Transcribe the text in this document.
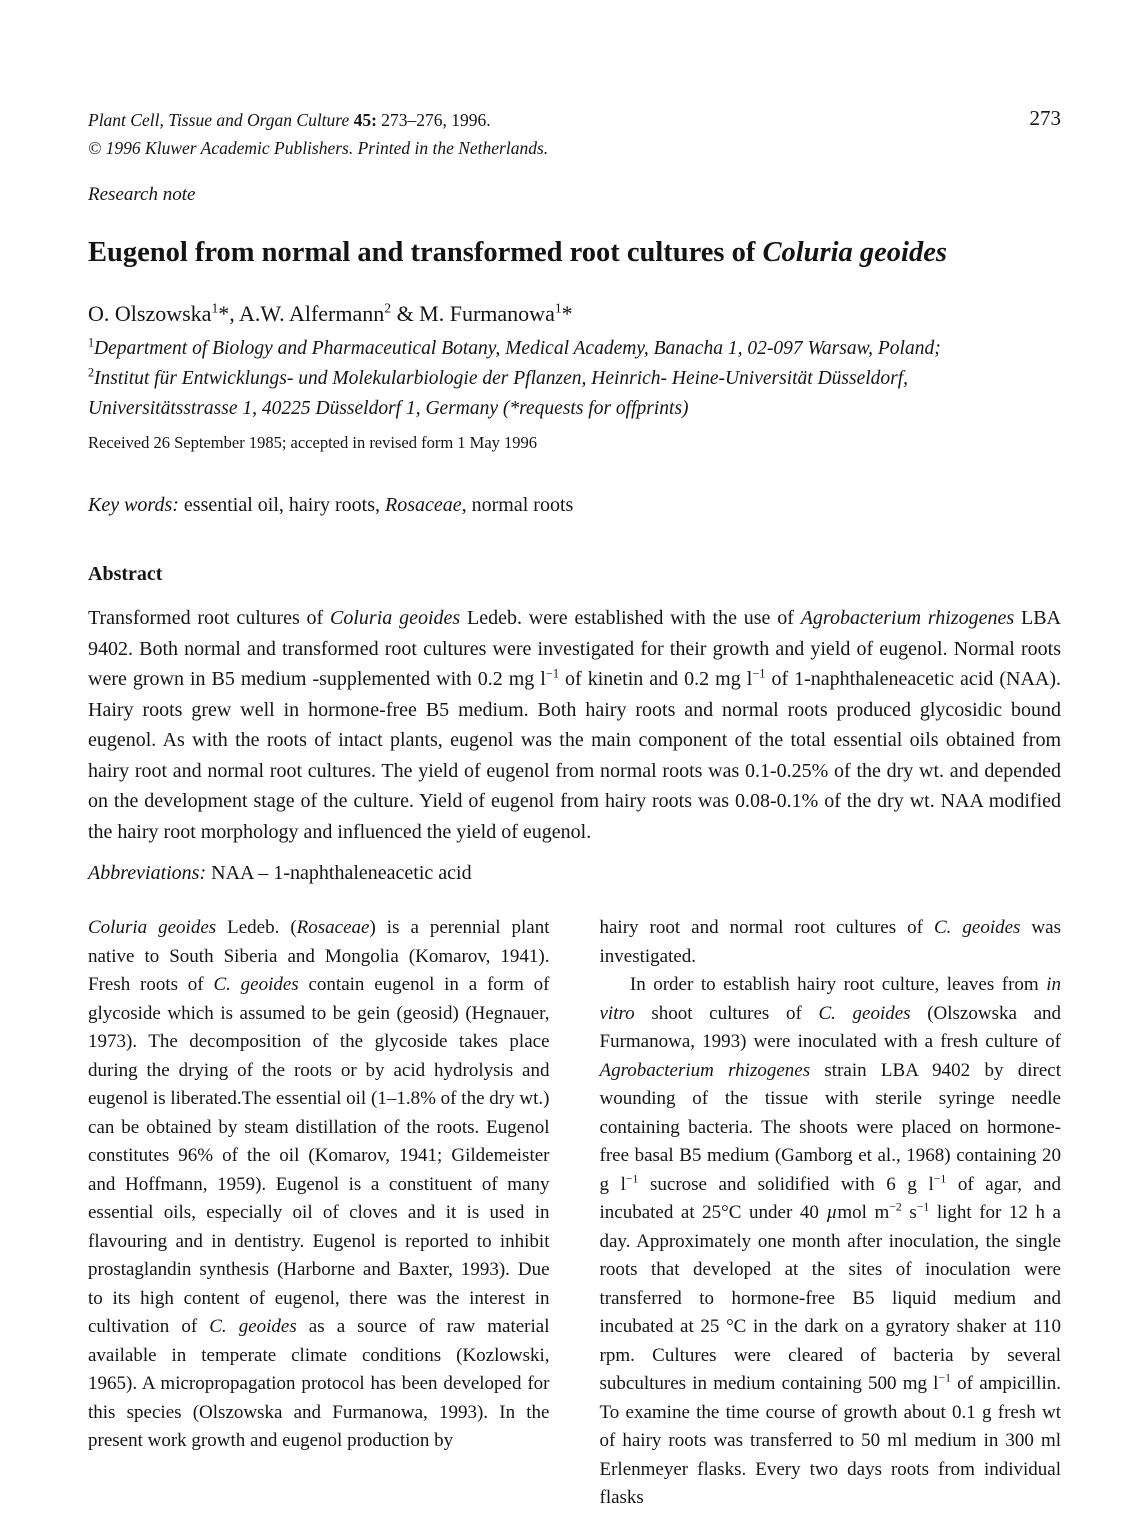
Plant Cell, Tissue and Organ Culture 45: 273–276, 1996.	273
© 1996 Kluwer Academic Publishers. Printed in the Netherlands.
Research note
Eugenol from normal and transformed root cultures of Coluria geoides
O. Olszowska$^1$*, A.W. Alfermann$^2$ & M. Furmanowa$^1$*
$^1$Department of Biology and Pharmaceutical Botany, Medical Academy, Banacha 1, 02-097 Warsaw, Poland;
$^2$Institut für Entwicklungs- und Molekularbiologie der Pflanzen, Heinrich- Heine-Universität Düsseldorf, Universitätsstrasse 1, 40225 Düsseldorf 1, Germany (*requests for offprints)
Received 26 September 1985; accepted in revised form 1 May 1996
Key words: essential oil, hairy roots, Rosaceae, normal roots
Abstract

Transformed root cultures of Coluria geoides Ledeb. were established with the use of Agrobacterium rhizogenes LBA 9402. Both normal and transformed root cultures were investigated for their growth and yield of eugenol. Normal roots were grown in B5 medium -supplemented with 0.2 mg $l^{-1}$ of kinetin and 0.2 mg $l^{-1}$ of 1-naphthaleneacetic acid (NAA). Hairy roots grew well in hormone-free B5 medium. Both hairy roots and normal roots produced glycosidic bound eugenol. As with the roots of intact plants, eugenol was the main component of the total essential oils obtained from hairy root and normal root cultures. The yield of eugenol from normal roots was 0.1-0.25% of the dry wt. and depended on the development stage of the culture. Yield of eugenol from hairy roots was 0.08-0.1% of the dry wt. NAA modified the hairy root morphology and influenced the yield of eugenol.

Abbreviations: NAA – 1-naphthaleneacetic acid

Coluria geoides Ledeb. (Rosaceae) is a perennial plant native to South Siberia and Mongolia (Komarov, 1941). Fresh roots of C. geoides contain eugenol in a form of glycoside which is assumed to be gein (geosid) (Hegnauer, 1973). The decomposition of the glycoside takes place during the drying of the roots or by acid hydrolysis and eugenol is liberated.The essential oil (1–1.8% of the dry wt.) can be obtained by steam distillation of the roots. Eugenol constitutes 96% of the oil (Komarov, 1941; Gildemeister and Hoffmann, 1959). Eugenol is a constituent of many essential oils, especially oil of cloves and it is used in flavouring and in dentistry. Eugenol is reported to inhibit prostaglandin synthesis (Harborne and Baxter, 1993). Due to its high content of eugenol, there was the interest in cultivation of C. geoides as a source of raw material available in temperate climate conditions (Kozlowski, 1965). A micropropagation protocol has been developed for this species (Olszowska and Furmanowa, 1993). In the present work growth and eugenol production by

hairy root and normal root cultures of C. geoides was investigated.

In order to establish hairy root culture, leaves from in vitro shoot cultures of C. geoides (Olszowska and Furmanowa, 1993) were inoculated with a fresh culture of Agrobacterium rhizogenes strain LBA 9402 by direct wounding of the tissue with sterile syringe needle containing bacteria. The shoots were placed on hormone-free basal B5 medium (Gamborg et al., 1968) containing 20 g $l^{-1}$ sucrose and solidified with 6 g $l^{-1}$ of agar, and incubated at 25°C under 40 µmol $m^{-2}$ $s^{-1}$ light for 12 h a day. Approximately one month after inoculation, the single roots that developed at the sites of inoculation were transferred to hormone-free B5 liquid medium and incubated at 25 °C in the dark on a gyratory shaker at 110 rpm. Cultures were cleared of bacteria by several subcultures in medium containing 500 mg $l^{-1}$ of ampicillin. To examine the time course of growth about 0.1 g fresh wt of hairy roots was transferred to 50 ml medium in 300 ml Erlenmeyer flasks. Every two days roots from individual flasks
